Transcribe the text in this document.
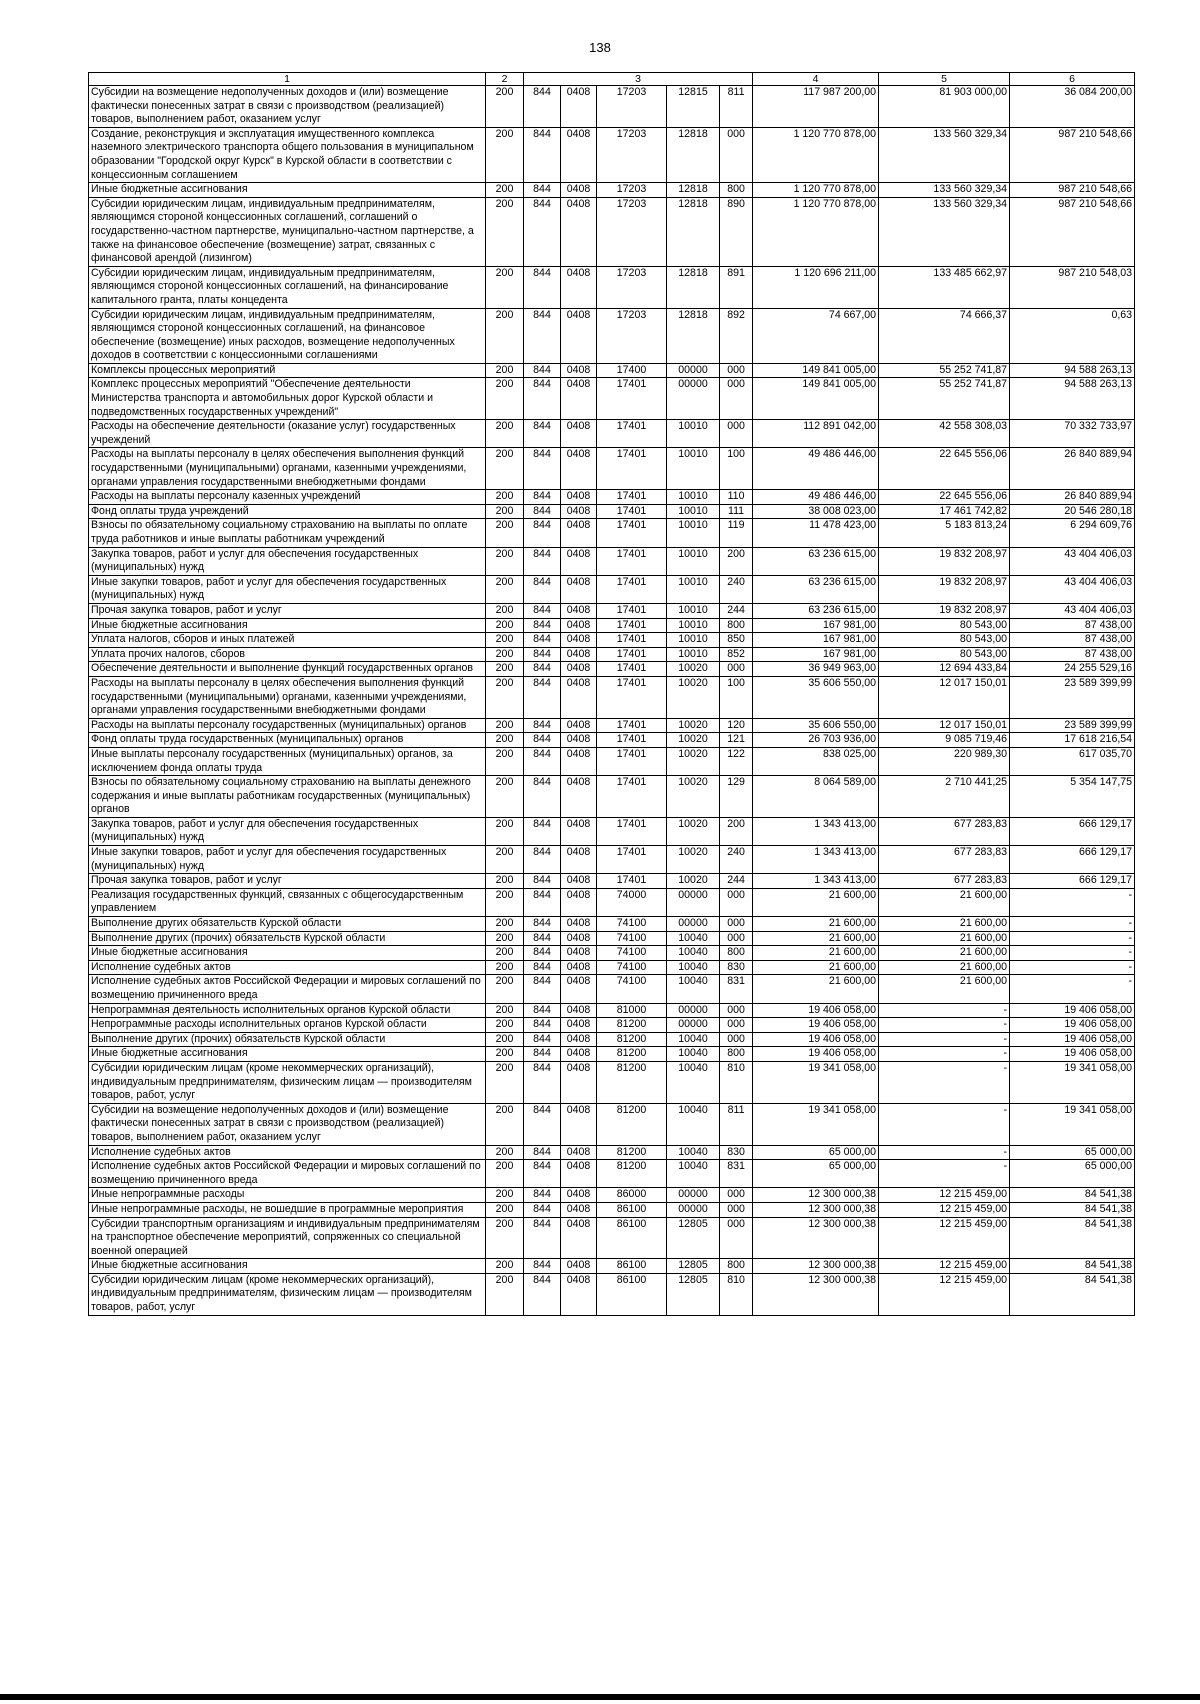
138
1	2	3					4	5	6
Субсидии на возмещение недополученных доходов и (или) возмещение фактически понесенных затрат в связи с производством (реализацией) товаров, выполнением работ, оказанием услуг	200	844	0408	17203	12815	811	117 987 200,00	81 903 000,00	36 084 200,00
Создание, реконструкция и эксплуатация имущественного комплекса наземного электрического транспорта общего пользования в муниципальном образовании "Городской округ Курск" в Курской области в соответствии с концессионным соглашением	200	844	0408	17203	12818	000	1 120 770 878,00	133 560 329,34	987 210 548,66
Иные бюджетные ассигнования	200	844	0408	17203	12818	800	1 120 770 878,00	133 560 329,34	987 210 548,66
Субсидии юридическим лицам, индивидуальным предпринимателям, являющимся стороной концессионных соглашений, соглашений о государственно-частном партнерстве, муниципально-частном партнерстве, а также на финансовое обеспечение (возмещение) затрат, связанных с финансовой арендой (лизингом)	200	844	0408	17203	12818	890	1 120 770 878,00	133 560 329,34	987 210 548,66
Субсидии юридическим лицам, индивидуальным предпринимателям, являющимся стороной концессионных соглашений, на финансирование капитального гранта, платы концедента	200	844	0408	17203	12818	891	1 120 696 211,00	133 485 662,97	987 210 548,03
Субсидии юридическим лицам, индивидуальным предпринимателям, являющимся стороной концессионных соглашений, на финансовое обеспечение (возмещение) иных расходов, возмещение недополученных доходов в соответствии с концессионными соглашениями	200	844	0408	17203	12818	892	74 667,00	74 666,37	0,63
Комплексы процессных мероприятий	200	844	0408	17400	00000	000	149 841 005,00	55 252 741,87	94 588 263,13
Комплекс процессных мероприятий "Обеспечение деятельности Министерства транспорта и автомобильных дорог Курской области и подведомственных государственных учреждений"	200	844	0408	17401	00000	000	149 841 005,00	55 252 741,87	94 588 263,13
Расходы на обеспечение деятельности (оказание услуг) государственных учреждений	200	844	0408	17401	10010	000	112 891 042,00	42 558 308,03	70 332 733,97
Расходы на выплаты персоналу в целях обеспечения выполнения функций государственными (муниципальными) органами, казенными учреждениями, органами управления государственными внебюджетными фондами	200	844	0408	17401	10010	100	49 486 446,00	22 645 556,06	26 840 889,94
Расходы на выплаты персоналу казенных учреждений	200	844	0408	17401	10010	110	49 486 446,00	22 645 556,06	26 840 889,94
Фонд оплаты труда учреждений	200	844	0408	17401	10010	111	38 008 023,00	17 461 742,82	20 546 280,18
Взносы по обязательному социальному страхованию на выплаты по оплате труда работников и иные выплаты работникам учреждений	200	844	0408	17401	10010	119	11 478 423,00	5 183 813,24	6 294 609,76
Закупка товаров, работ и услуг для обеспечения государственных (муниципальных) нужд	200	844	0408	17401	10010	200	63 236 615,00	19 832 208,97	43 404 406,03
Иные закупки товаров, работ и услуг для обеспечения государственных (муниципальных) нужд	200	844	0408	17401	10010	240	63 236 615,00	19 832 208,97	43 404 406,03
Прочая закупка товаров, работ и услуг	200	844	0408	17401	10010	244	63 236 615,00	19 832 208,97	43 404 406,03
Иные бюджетные ассигнования	200	844	0408	17401	10010	800	167 981,00	80 543,00	87 438,00
Уплата налогов, сборов и иных платежей	200	844	0408	17401	10010	850	167 981,00	80 543,00	87 438,00
Уплата прочих налогов, сборов	200	844	0408	17401	10010	852	167 981,00	80 543,00	87 438,00
Обеспечение деятельности и выполнение функций государственных органов	200	844	0408	17401	10020	000	36 949 963,00	12 694 433,84	24 255 529,16
Расходы на выплаты персоналу в целях обеспечения выполнения функций государственными (муниципальными) органами, казенными учреждениями, органами управления государственными внебюджетными фондами	200	844	0408	17401	10020	100	35 606 550,00	12 017 150,01	23 589 399,99
Расходы на выплаты персоналу государственных (муниципальных) органов	200	844	0408	17401	10020	120	35 606 550,00	12 017 150,01	23 589 399,99
Фонд оплаты труда государственных (муниципальных) органов	200	844	0408	17401	10020	121	26 703 936,00	9 085 719,46	17 618 216,54
Иные выплаты персоналу государственных (муниципальных) органов, за исключением фонда оплаты труда	200	844	0408	17401	10020	122	838 025,00	220 989,30	617 035,70
Взносы по обязательному социальному страхованию на выплаты денежного содержания и иные выплаты работникам государственных (муниципальных) органов	200	844	0408	17401	10020	129	8 064 589,00	2 710 441,25	5 354 147,75
Закупка товаров, работ и услуг для обеспечения государственных (муниципальных) нужд	200	844	0408	17401	10020	200	1 343 413,00	677 283,83	666 129,17
Иные закупки товаров, работ и услуг для обеспечения государственных (муниципальных) нужд	200	844	0408	17401	10020	240	1 343 413,00	677 283,83	666 129,17
Прочая закупка товаров, работ и услуг	200	844	0408	17401	10020	244	1 343 413,00	677 283,83	666 129,17
Реализация государственных функций, связанных с общегосударственным управлением	200	844	0408	74000	00000	000	21 600,00	21 600,00	-
Выполнение других обязательств Курской области	200	844	0408	74100	00000	000	21 600,00	21 600,00	-
Выполнение других (прочих) обязательств Курской области	200	844	0408	74100	10040	000	21 600,00	21 600,00	-
Иные бюджетные ассигнования	200	844	0408	74100	10040	800	21 600,00	21 600,00	-
Исполнение судебных актов	200	844	0408	74100	10040	830	21 600,00	21 600,00	-
Исполнение судебных актов Российской Федерации и мировых соглашений по возмещению причиненного вреда	200	844	0408	74100	10040	831	21 600,00	21 600,00	-
Непрограммная деятельность исполнительных органов Курской области	200	844	0408	81000	00000	000	19 406 058,00	-	19 406 058,00
Непрограммные расходы исполнительных органов Курской области	200	844	0408	81200	00000	000	19 406 058,00	-	19 406 058,00
Выполнение других (прочих) обязательств Курской области	200	844	0408	81200	10040	000	19 406 058,00	-	19 406 058,00
Иные бюджетные ассигнования	200	844	0408	81200	10040	800	19 406 058,00	-	19 406 058,00
Субсидии юридическим лицам (кроме некоммерческих организаций), индивидуальным предпринимателям, физическим лицам — производителям товаров, работ, услуг	200	844	0408	81200	10040	810	19 341 058,00	-	19 341 058,00
Субсидии на возмещение недополученных доходов и (или) возмещение фактически понесенных затрат в связи с производством (реализацией) товаров, выполнением работ, оказанием услуг	200	844	0408	81200	10040	811	19 341 058,00	-	19 341 058,00
Исполнение судебных актов	200	844	0408	81200	10040	830	65 000,00	-	65 000,00
Исполнение судебных актов Российской Федерации и мировых соглашений по возмещению причиненного вреда	200	844	0408	81200	10040	831	65 000,00	-	65 000,00
Иные непрограммные расходы	200	844	0408	86000	00000	000	12 300 000,38	12 215 459,00	84 541,38
Иные непрограммные расходы, не вошедшие в программные мероприятия	200	844	0408	86100	00000	000	12 300 000,38	12 215 459,00	84 541,38
Субсидии транспортным организациям и индивидуальным предпринимателям на транспортное обеспечение мероприятий, сопряженных со специальной военной операцией	200	844	0408	86100	12805	000	12 300 000,38	12 215 459,00	84 541,38
Иные бюджетные ассигнования	200	844	0408	86100	12805	800	12 300 000,38	12 215 459,00	84 541,38
Субсидии юридическим лицам (кроме некоммерческих организаций), индивидуальным предпринимателям, физическим лицам — производителям товаров, работ, услуг	200	844	0408	86100	12805	810	12 300 000,38	12 215 459,00	84 541,38
